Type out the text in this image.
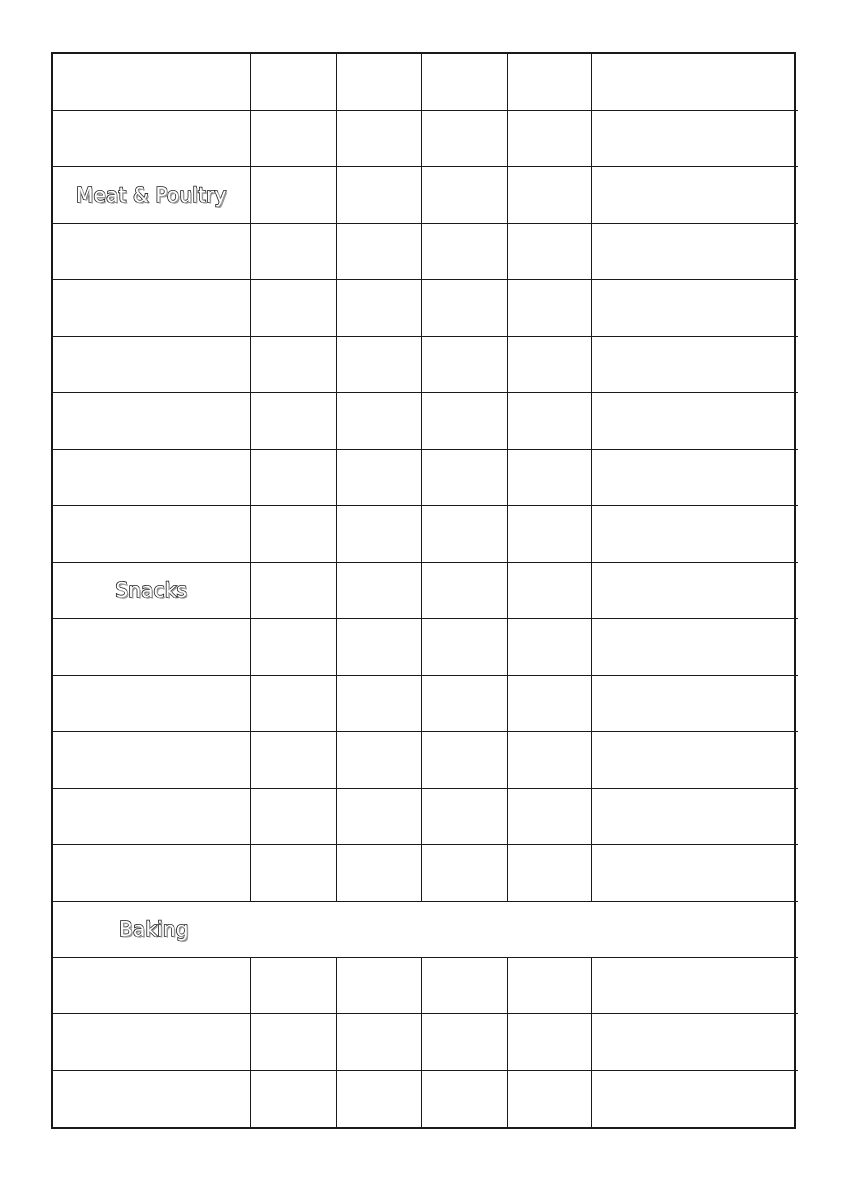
Meat & Poultry					

Snacks					

Baking					
